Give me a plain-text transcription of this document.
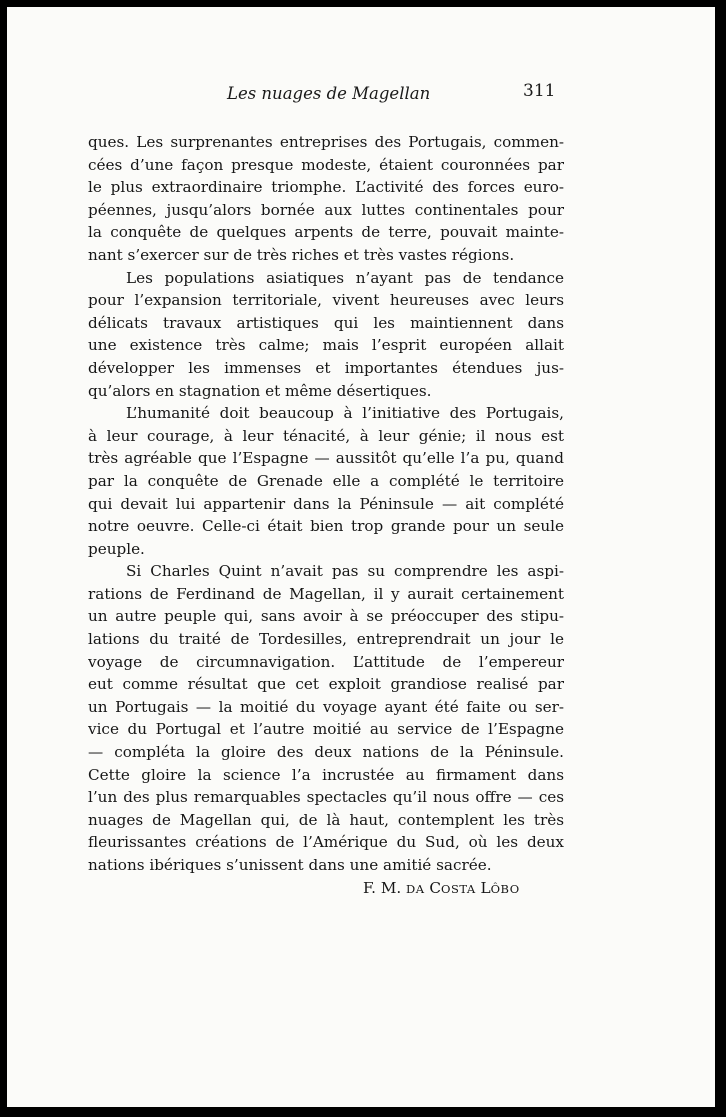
Les nuages de Magellan	311
ques. Les surprenantes entreprises des Portugais, commen-
cées d’une façon presque modeste, étaient couronnées par
le plus extraordinaire triomphe. L’activité des forces euro-
péennes, jusqu’alors bornée aux luttes continentales pour
la conquête de quelques arpents de terre, pouvait mainte-
nant s’exercer sur de très riches et très vastes régions.
Les populations asiatiques n’ayant pas de tendance
pour l’expansion territoriale, vivent heureuses avec leurs
délicats travaux artistiques qui les maintiennent dans
une existence très calme; mais l’esprit européen allait
développer les immenses et importantes étendues jus-
qu’alors en stagnation et même désertiques.
L’humanité doit beaucoup à l’initiative des Portugais,
à leur courage, à leur ténacité, à leur génie; il nous est
très agréable que l’Espagne — aussitôt qu’elle l’a pu, quand
par la conquête de Grenade elle a complété le territoire
qui devait lui appartenir dans la Péninsule — ait complété
notre oeuvre. Celle-ci était bien trop grande pour un seule
peuple.
Si Charles Quint n’avait pas su comprendre les aspi-
rations de Ferdinand de Magellan, il y aurait certainement
un autre peuple qui, sans avoir à se préoccuper des stipu-
lations du traité de Tordesilles, entreprendrait un jour le
voyage de circumnavigation. L’attitude de l’empereur
eut comme résultat que cet exploit grandiose realisé par
un Portugais — la moitié du voyage ayant été faite ou ser-
vice du Portugal et l’autre moitié au service de l’Espagne
— compléta la gloire des deux nations de la Péninsule.
Cette gloire la science l’a incrustée au firmament dans
l’un des plus remarquables spectacles qu’il nous offre — ces
nuages de Magellan qui, de là haut, contemplent les très
fleurissantes créations de l’Amérique du Sud, où les deux
nations ibériques s’unissent dans une amitié sacrée.
F. M. DA COSTA LÔBO
